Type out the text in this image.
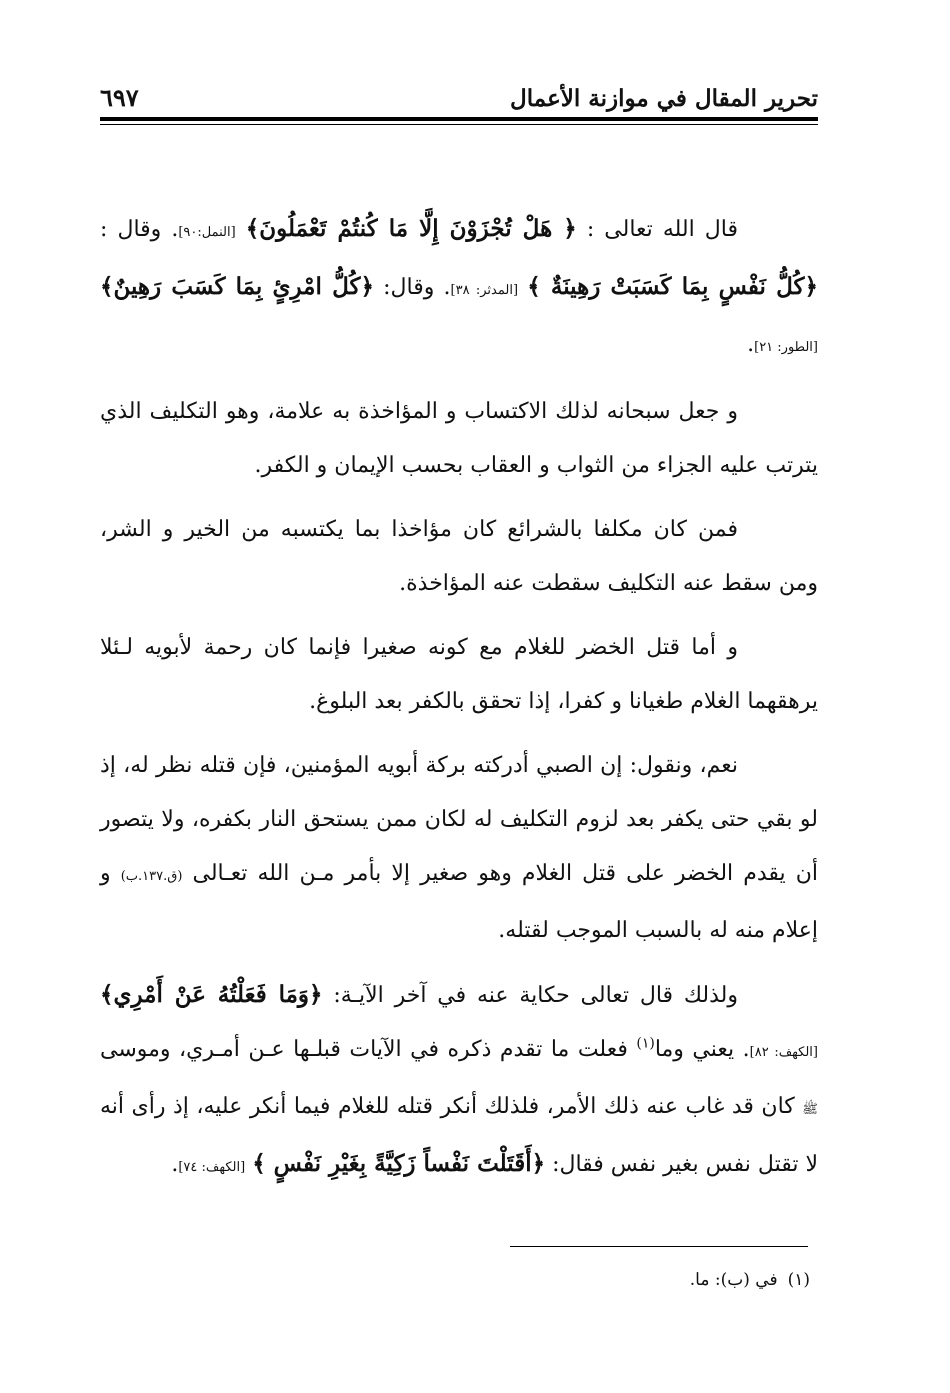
تحرير المقال في موازنة الأعمال
٦٩٧

قال الله تعالى : ﴿ هَلْ تُجْزَوْنَ إِلَّا مَا كُنتُمْ تَعْمَلُونَ﴾ [النمل:٩٠]. وقال : ﴿كُلُّ نَفْسٍ بِمَا كَسَبَتْ رَهِينَةٌ ﴾ [المدثر: ٣٨]. وقال: ﴿كُلُّ امْرِئٍ بِمَا كَسَبَ رَهِينٌ﴾ [الطور: ٢١].

و جعل سبحانه لذلك الاكتساب و المؤاخذة به علامة، وهو التكليف الذي يترتب عليه الجزاء من الثواب و العقاب بحسب الإيمان و الكفر.

فمن كان مكلفا بالشرائع كان مؤاخذا بما يكتسبه من الخير و الشر، ومن سقط عنه التكليف سقطت عنه المؤاخذة.

و أما قتل الخضر للغلام مع كونه صغيرا فإنما كان رحمة لأبويه لـئلا يرهقهما الغلام طغيانا و كفرا، إذا تحقق بالكفر بعد البلوغ.

نعم، ونقول: إن الصبي أدركته بركة أبويه المؤمنين، فإن قتله نظر له، إذ لو بقي حتى يكفر بعد لزوم التكليف له لكان ممن يستحق النار بكفره، ولا يتصور أن يقدم الخضر على قتل الغلام وهو صغير إلا بأمر مـن الله تعـالى (ق.١٣٧.ب) و إعلام منه له بالسبب الموجب لقتله.

ولذلك قال تعالى حكاية عنه في آخر الآيـة: ﴿وَمَا فَعَلْتُهُ عَنْ أَمْرِي﴾ [الكهف: ٨٢]. يعني وما$^{(١)}$ فعلت ما تقدم ذكره في الآيات قبلـها عـن أمـري، وموسى ﷺ كان قد غاب عنه ذلك الأمر، فلذلك أنكر قتله للغلام فيما أنكر عليه، إذ رأى أنه لا تقتل نفس بغير نفس فقال: ﴿أَقَتَلْتَ نَفْساً زَكِيَّةً بِغَيْرِ نَفْسٍ ﴾ [الكهف: ٧٤].

(١)في (ب): ما.
